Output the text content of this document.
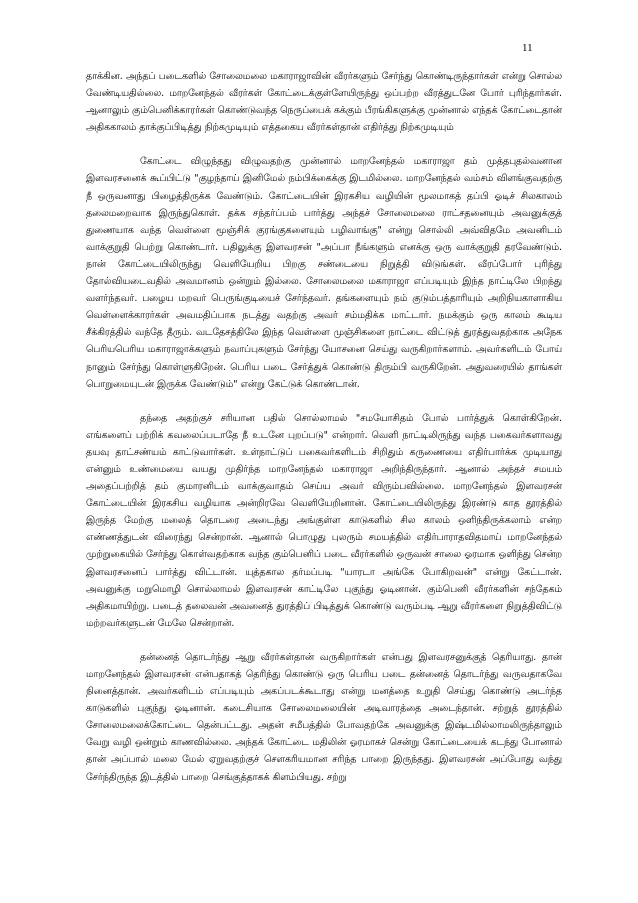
11

தாக்கின. அந்தப் படைகளில் சோலைமலை மகாராஜாவின் வீரர்களும் சேர்ந்து கொண்டிருந்தார்கள் என்று சொல்ல வேண்டியதில்லை. மாறனேந்தல் வீரர்கள் கோட்டைக்குள்ளேயிருந்து ஒப்பற்ற வீரத்துடனே போர் புரிந்தார்கள். ஆனாலும் கும்பெனிக்காரர்கள் கொண்டுவந்த நெருப்பைக் கக்கும் பீரங்கிகளுக்கு முன்னால் எந்தக் கோட்டைதான் அதிககாலம் தாக்குப்பிடித்து நிற்கமுடியும் எத்தகைய வீரர்கள்தான் எதிர்த்து நிற்கமுடியும்

கோட்டை விழுந்தது விழுவதற்கு முன்னால் மாறனேந்தல் மகாராஜா தம் முத்தபுதல்வனான இளவரசனைக் கூப்பிட்டு "குழந்தாய் இனிமேல் நம்பிக்கைக்கு இடமில்லை. மாறனேந்தல் வம்சம் விளங்குவதற்கு நீ ஒருவனாது பிழைத்திருக்க வேண்டும். கோட்டையின் இரகசிய வழியின் மூலமாகத் தப்பி ஓடிச் சிலகாலம் தலைமறைவாக இருந்துகொள். தக்க சந்தர்ப்பம் பார்த்து அந்தச் சோலைமலை ராட்சதனையும் அவனுக்குத் துணையாக வந்த வெள்ளை மூஞ்சிக் குரங்குகளையும் பழிவாங்கு" என்று சொல்லி அவ்விதமே அவனிடம் வாக்குறுதி பெற்று கொண்டார். பதிலுக்கு இளவரசன் "அப்பா நீங்களும் எனக்கு ஒரு வாக்குறுதி தரவேண்டும். நான் கோட்டையிலிருந்து வெளியேறிய பிறகு சண்டையை நிறுத்தி விடுங்கள். வீரப்போர் புரிந்து தோல்வியடைவதில் அவமானம் ஒன்றும் இல்லை. சோலைமலை மகாராஜா எப்படியும் இந்த நாட்டிலே பிறந்து வளர்ந்தவர். பழைய மறவர் பெருங்குடியைச் சேர்ந்தவர். தங்களையும் நம் குடும்பத்தாரியும் அறிநியகாளாகிய வெள்ளைக்காரர்கள் அவமதிப்பாக நடத்து வதற்கு அவர் சம்மதிக்க மாட்டார். நமக்கும் ஒரு காலம் கூடிய சீக்கிரத்தில் வந்தே தீரும். வடதேசத்திலே இந்த வெள்ளை முஞ்சிகளை நாட்டை விட்டுத் துரத்துவதற்காக அநேக பெரியபெரிய மகாராஜாக்களும் நவாப்புகளும் சேர்ந்து யோசனை செய்து வருகிறார்களாம். அவர்களிடம் போய் நானும் சேர்ந்து கொள்ளுகிறேன். பெரிய படை சேர்த்துக் கொண்டு திரும்பி வருகிறேன். அதுவரையில் தாங்கள் பொறுமையுடன் இருக்க வேண்டும்" என்று கேட்டுக் கொண்டான்.

தந்தை அதற்குச் சரியான பதில் சொல்லாமல் "சமயோசிதம் போல் பார்த்துக் கொள்கிறேன். எங்களைப் பற்றிக் கவலைப்படாதே நீ உடனே புறப்படு" என்றார். வெளி நாட்டிலிருந்து வந்த பகைவர்களாவது தயவு தாட்சண்யம் காட்டுவார்கள். உள்நாட்டுப் பகைவர்களிடம் சிறிதும் கருணையை எதிர்பார்க்க முடியாது என்னும் உண்மையை வயது முதிர்ந்த மாறனேந்தல் மகாராஜா அறிந்திருந்தார். ஆனால் அந்தச் சமயம் அதைப்பற்றித் தம் குமாரனிடம் வாக்குவாதம் செய்ய அவர் விரும்பவில்லை. மாறனேந்தல் இளவரசன் கோட்டையின் இரகசிய வழியாக அன்றிரவே வெளியேறினான். கோட்டையிலிருந்து இரண்டு காத தூரத்தில் இருந்த மேற்கு மலைத் தொடரை அடைந்து அங்குள்ள காடுகளில் சில காலம் ஒளிந்திருக்கலாம் என்ற எண்ணத்துடன் விரைந்து சென்றான். ஆனால் பொழுது புலரும் சமயத்தில் எதிர்பாராதவிதமாய் மாறனேந்தல் முற்றுகையில் சேர்ந்து கொள்வதற்காக வந்த கும்பெனிப் படை வீரர்களில் ஒருவன் சாலை ஓரமாக ஒளிந்து சென்ற இளவரசனைப் பார்த்து விட்டான். யுத்தகால தர்மப்படி "யாரடா அங்கே போகிறவன்" என்று கேட்டான். அவனுக்கு மறுமொழி சொல்லாமல் இளவரசன் காட்டிலே புகுந்து ஓடினான். கும்பெனி வீரர்களின் சந்தேகம் அதிகமாயிற்று. படைத் தலைவன் அவனைத் துரத்திப் பிடித்துக் கொண்டு வரும்படி ஆறு வீரர்களை நிறுத்திவிட்டு மற்றவர்களுடன் மேலே சென்றான்.

தன்னைத் தொடர்ந்து ஆறு வீரர்கள்தான் வருகிறார்கள் என்பது இளவரசனுக்குத் தெரியாது. தான் மாறனேந்தல் இளவரசன் என்பதாகத் தெரிந்து கொண்டு ஒரு பெரிய படை தன்னைத் தொடர்ந்து வருவதாகவே நினைத்தான். அவர்களிடம் எப்படியும் அகப்படக்கூடாது என்று மனத்தை உறுதி செய்து கொண்டு அடர்ந்த காடுகளில் புகுந்து ஓடினான். கடைசியாக சோலைமலையின் அடிவாரத்தை அடைந்தான். சற்றுத் தூரத்தில் சோலைமலைக்கோட்டை தென்பட்டது. அதன் சமீபத்தில் போவதற்கே அவனுக்கு இஷ்டமில்லாமலிருந்தாலும் வேறு வழி ஒன்றும் காணவில்லை. அந்தக் கோட்டை மதிலின் ஓரமாகச் சென்று கோட்டையைக் கடந்து போனால் தான் அப்பால் மலை மேல் ஏறுவதற்குச் சௌகரியமான சரிந்த பாறை இருந்தது. இளவரசன் அப்போது வந்து சேர்ந்திருந்த இடத்தில் பாறை செங்குத்தாகக் கிளம்பியது. சற்று
